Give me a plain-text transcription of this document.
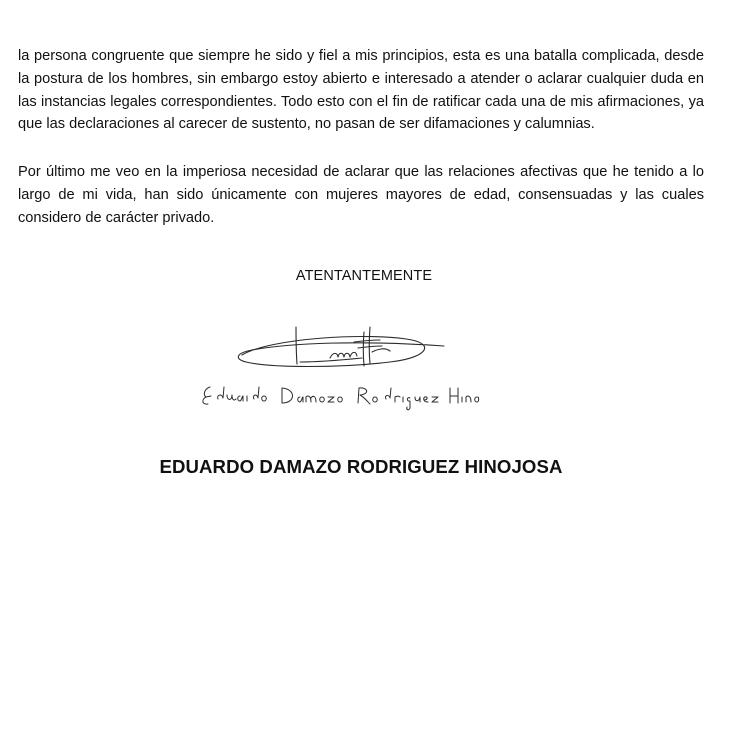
la persona congruente que siempre he sido y fiel a mis principios, esta es una batalla complicada, desde la postura de los hombres, sin embargo estoy abierto e interesado a atender o aclarar cualquier duda en las instancias legales correspondientes. Todo esto con el fin de ratificar cada una de mis afirmaciones, ya que las declaraciones al carecer de sustento, no pasan de ser difamaciones y calumnias.

Por último me veo en la imperiosa necesidad de aclarar que las relaciones afectivas que he tenido a lo largo de mi vida, han sido únicamente con mujeres mayores de edad, consensuadas y las cuales considero de carácter privado.

ATENTANTEMENTE
EDUARDO DAMAZO RODRIGUEZ HINOJOSA
